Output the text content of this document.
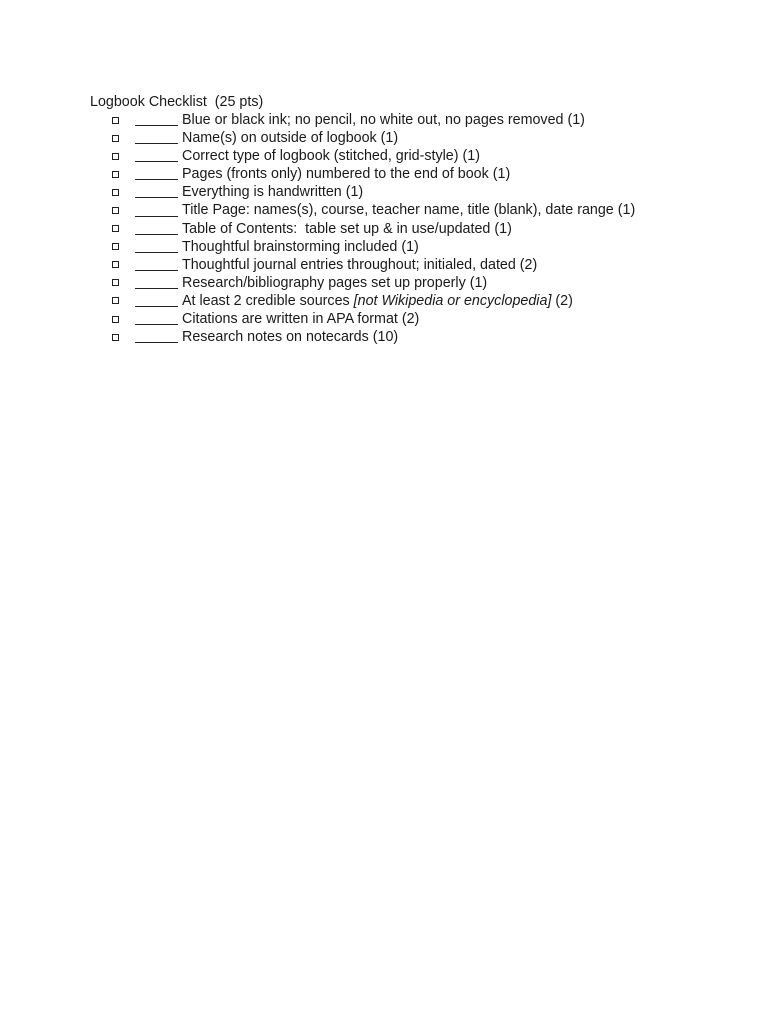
Logbook Checklist  (25 pts)
Blue or black ink; no pencil, no white out, no pages removed (1)
Name(s) on outside of logbook (1)
Correct type of logbook (stitched, grid-style) (1)
Pages (fronts only) numbered to the end of book (1)
Everything is handwritten (1)
Title Page: names(s), course, teacher name, title (blank), date range (1)
Table of Contents:  table set up & in use/updated (1)
Thoughtful brainstorming included (1)
Thoughtful journal entries throughout; initialed, dated (2)
Research/bibliography pages set up properly (1)
At least 2 credible sources [not Wikipedia or encyclopedia] (2)
Citations are written in APA format (2)
Research notes on notecards (10)
